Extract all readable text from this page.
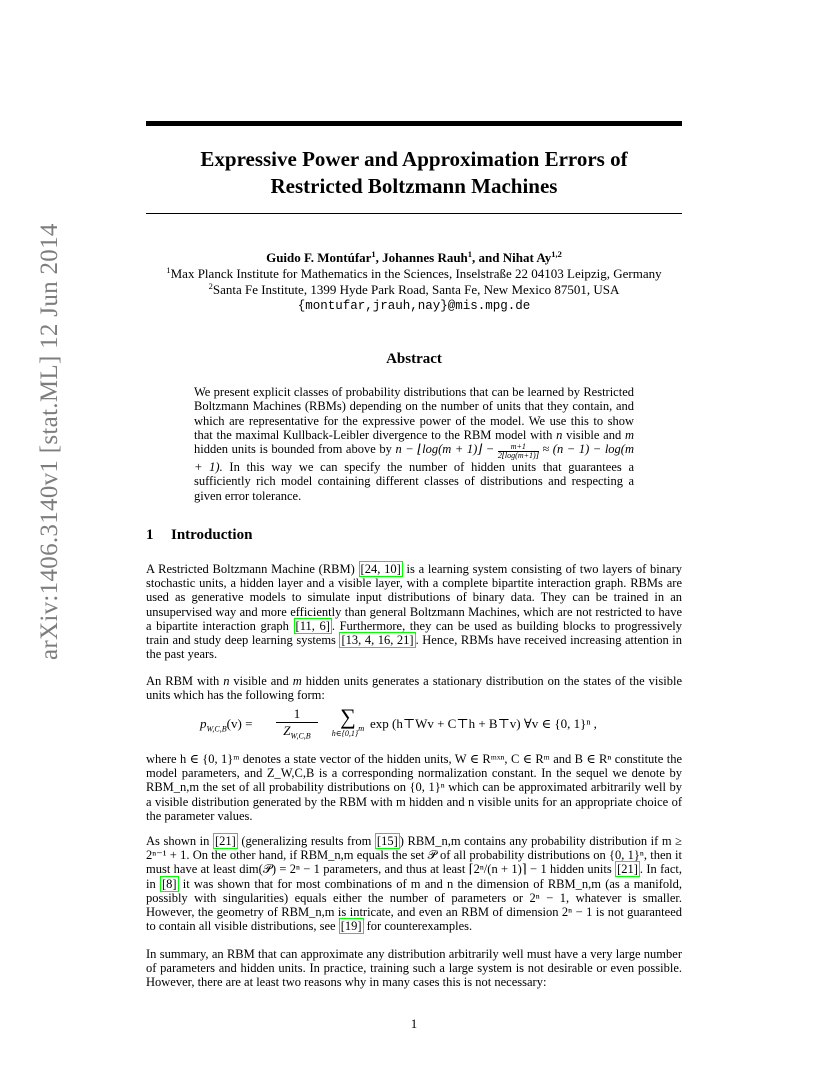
arXiv:1406.3140v1 [stat.ML] 12 Jun 2014
Expressive Power and Approximation Errors of
Restricted Boltzmann Machines
Guido F. Montúfar$^1$, Johannes Rauh$^1$, and Nihat Ay$^{1,2}$
$^1$Max Planck Institute for Mathematics in the Sciences, Inselstraße 22 04103 Leipzig, Germany
$^2$Santa Fe Institute, 1399 Hyde Park Road, Santa Fe, New Mexico 87501, USA
{montufar,jrauh,nay}@mis.mpg.de
Abstract
We present explicit classes of probability distributions that can be learned by Restricted Boltzmann Machines (RBMs) depending on the number of units that they contain, and which are representative for the expressive power of the model. We use this to show that the maximal Kullback-Leibler divergence to the RBM model with n visible and m hidden units is bounded from above by n − ⌊log(m + 1)⌋ − $\frac{m+1}{2⌊\log(m+1)⌋} \approx (n - 1) - \log(m + 1)$. In this way we can specify the number of hidden units that guarantees a sufficiently rich model containing different classes of distributions and respecting a given error tolerance.
1 Introduction
A Restricted Boltzmann Machine (RBM) [24, 10] is a learning system consisting of two layers of binary stochastic units, a hidden layer and a visible layer, with a complete bipartite interaction graph. RBMs are used as generative models to simulate input distributions of binary data. They can be trained in an unsupervised way and more efficiently than general Boltzmann Machines, which are not restricted to have a bipartite interaction graph [11, 6] . Furthermore, they can be used as building blocks to progressively train and study deep learning systems [13, 4, 16, 21] . Hence, RBMs have received increasing attention in the past years.
An RBM with n visible and m hidden units generates a stationary distribution on the states of the visible units which has the following form:
$p_{W,C,B}(v)$ =
1
$Z_{W,C,B}$
∑
$h\in\{0,1\}^m$ exp (h⊤Wv + C⊤h + B⊤v) ∀v ∈ {0, 1}ⁿ ,
where h ∈ {0, 1}ᵐ denotes a state vector of the hidden units, W ∈ Rᵐˣⁿ, C ∈ Rᵐ and B ∈ Rⁿ constitute the model parameters, and Z_W,C,B is a corresponding normalization constant. In the sequel we denote by RBM_n,m the set of all probability distributions on {0, 1}ⁿ which can be approximated arbitrarily well by a visible distribution generated by the RBM with m hidden and n visible units for an appropriate choice of the parameter values.
As shown in [21] (generalizing results from [15] ) RBM_n,m contains any probability distribution if m ≥ 2ⁿ⁻¹ + 1. On the other hand, if RBM_n,m equals the set 𝒫 of all probability distributions on {0, 1}ⁿ, then it must have at least dim(𝒫) = 2ⁿ − 1 parameters, and thus at least ⌈2ⁿ/(n + 1)⌉ − 1 hidden units [21] . In fact, in [8] it was shown that for most combinations of m and n the dimension of RBM_n,m (as a manifold, possibly with singularities) equals either the number of parameters or 2ⁿ − 1, whatever is smaller. However, the geometry of RBM_n,m is intricate, and even an RBM of dimension 2ⁿ − 1 is not guaranteed to contain all visible distributions, see [19] for counterexamples.
In summary, an RBM that can approximate any distribution arbitrarily well must have a very large number of parameters and hidden units. In practice, training such a large system is not desirable or even possible. However, there are at least two reasons why in many cases this is not necessary:
1
